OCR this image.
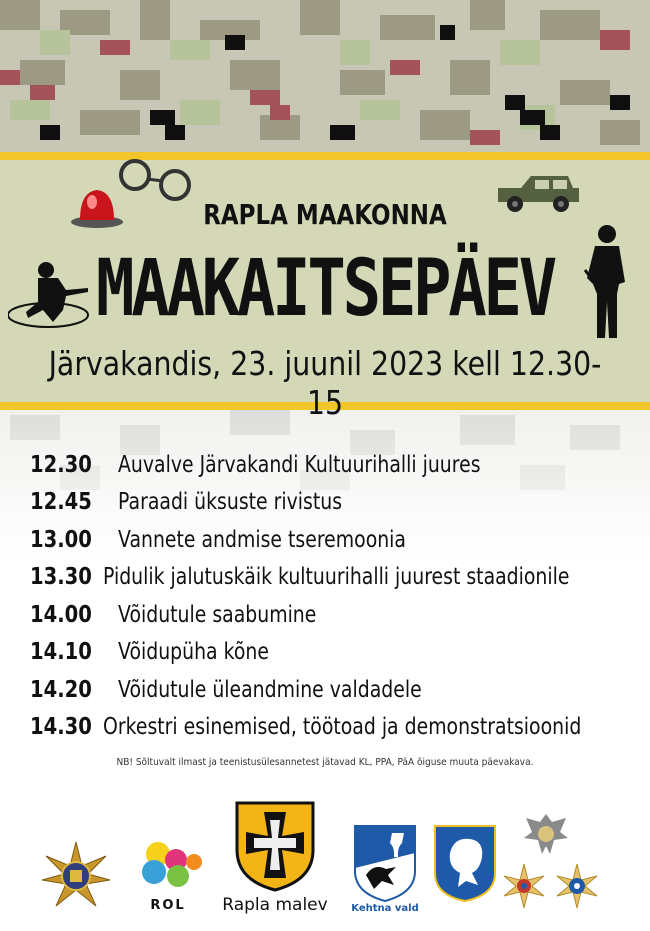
RAPLA MAAKONNA
MAAKAITSEPÄEV
Järvakandis, 23. juunil 2023 kell 12.30-15
12.30	Auvalve Järvakandi Kultuurihalli juures
12.45	Paraadi üksuste rivistus
13.00	Vannete andmise tseremoonia
13.30 Pidulik jalutuskäik kultuurihalli juurest staadionile
14.00	Võidutule saabumine
14.10	Võidupüha kõne
14.20	Võidutule üleandmine valdadele
14.30 Orkestri esinemised, töötoad ja demonstratsioonid
NB! Sõltuvalt ilmast ja teenistusülesannetest jätavad KL, PPA, PäA õiguse muuta päevakava.
ROL	Rapla malev	Kehtna vald
